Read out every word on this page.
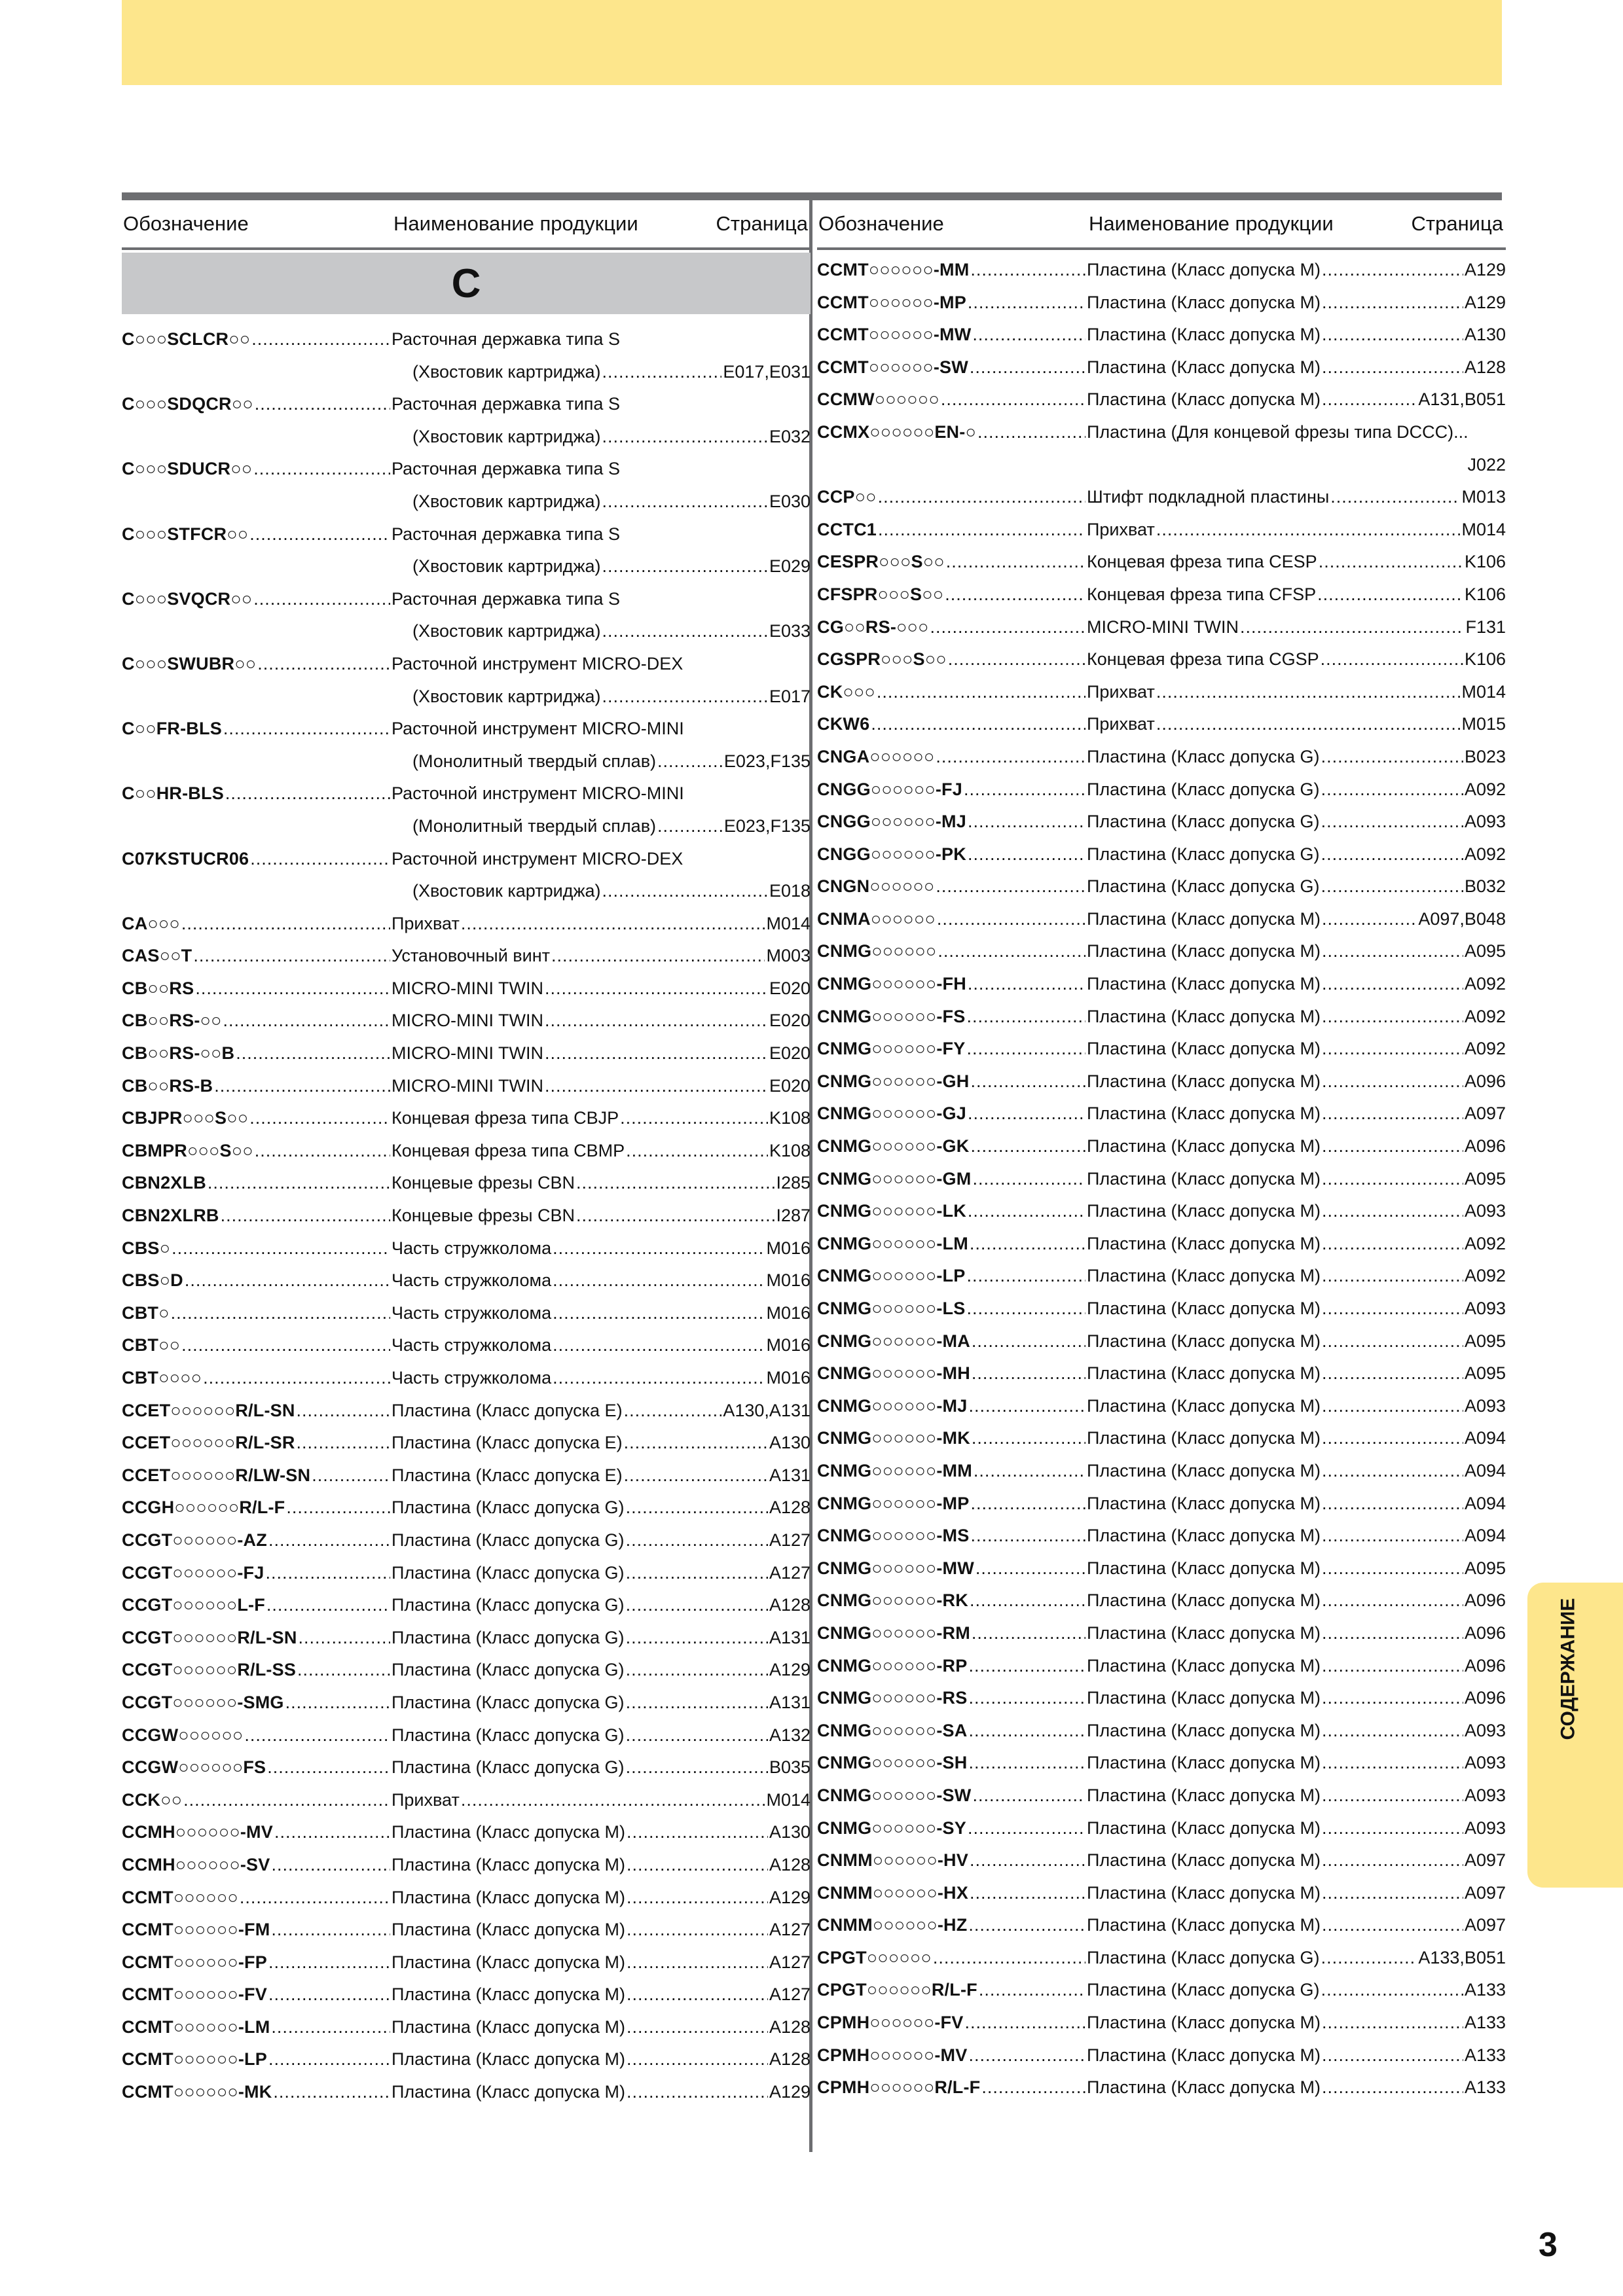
Обозначение	Наименование продукции	Страница
C
C○○○SCLCR○○ .....	Расточная державка типа S
(Хвостовик картриджа) .....	E017,E031
C○○○SDQCR○○ .....	Расточная державка типа S
(Хвостовик картриджа) .....	E032
C○○○SDUCR○○ .....	Расточная державка типа S
(Хвостовик картриджа) .....	E030
C○○○STFCR○○ .....	Расточная державка типа S
(Хвостовик картриджа) .....	E029
C○○○SVQCR○○ .....	Расточная державка типа S
(Хвостовик картриджа) .....	E033
C○○○SWUBR○○ .....	Расточной инструмент MICRO-DEX
(Хвостовик картриджа) .....	E017
C○○FR-BLS .....	Расточной инструмент MICRO-MINI
(Монолитный твердый сплав) .....	E023,F135
C○○HR-BLS .....	Расточной инструмент MICRO-MINI
(Монолитный твердый сплав) .....	E023,F135
C07KSTUCR06 .....	Расточной инструмент MICRO-DEX
(Хвостовик картриджа) .....	E018
CA○○○ .....	Прихват .....	M014
CAS○○T .....	Установочный винт .....	M003
CB○○RS .....	MICRO-MINI TWIN .....	E020
CB○○RS-○○ .....	MICRO-MINI TWIN .....	E020
CB○○RS-○○B .....	MICRO-MINI TWIN .....	E020
CB○○RS-B .....	MICRO-MINI TWIN .....	E020
CBJPR○○○S○○ .....	Концевая фреза типа CBJP .....	K108
CBMPR○○○S○○ .....	Концевая фреза типа CBMP .....	K108
CBN2XLB .....	Концевые фрезы CBN .....	I285
CBN2XLRB .....	Концевые фрезы CBN .....	I287
CBS○ .....	Часть стружколома .....	M016
CBS○D .....	Часть стружколома .....	M016
CBT○ .....	Часть стружколома .....	M016
CBT○○ .....	Часть стружколома .....	M016
CBT○○○○ .....	Часть стружколома .....	M016
CCET○○○○○○R/L-SN .....	Пластина (Класс допуска E) .....	A130,A131
CCET○○○○○○R/L-SR .....	Пластина (Класс допуска E) .....	A130
CCET○○○○○○R/LW-SN .....	Пластина (Класс допуска E) .....	A131
CCGH○○○○○○R/L-F .....	Пластина (Класс допуска G) .....	A128
CCGT○○○○○○-AZ .....	Пластина (Класс допуска G) .....	A127
CCGT○○○○○○-FJ .....	Пластина (Класс допуска G) .....	A127
CCGT○○○○○○L-F .....	Пластина (Класс допуска G) .....	A128
CCGT○○○○○○R/L-SN .....	Пластина (Класс допуска G) .....	A131
CCGT○○○○○○R/L-SS .....	Пластина (Класс допуска G) .....	A129
CCGT○○○○○○-SMG .....	Пластина (Класс допуска G) .....	A131
CCGW○○○○○○ .....	Пластина (Класс допуска G) .....	A132
CCGW○○○○○○FS .....	Пластина (Класс допуска G) .....	B035
CCK○○ .....	Прихват .....	M014
CCMH○○○○○○-MV .....	Пластина (Класс допуска M) .....	A130
CCMH○○○○○○-SV .....	Пластина (Класс допуска M) .....	A128
CCMT○○○○○○ .....	Пластина (Класс допуска M) .....	A129
CCMT○○○○○○-FM .....	Пластина (Класс допуска M) .....	A127
CCMT○○○○○○-FP .....	Пластина (Класс допуска M) .....	A127
CCMT○○○○○○-FV .....	Пластина (Класс допуска M) .....	A127
CCMT○○○○○○-LM .....	Пластина (Класс допуска M) .....	A128
CCMT○○○○○○-LP .....	Пластина (Класс допуска M) .....	A128
CCMT○○○○○○-MK .....	Пластина (Класс допуска M) .....	A129
Обозначение	Наименование продукции	Страница
CCMT○○○○○○-MM .....	Пластина (Класс допуска M) .....	A129
CCMT○○○○○○-MP .....	Пластина (Класс допуска M) .....	A129
CCMT○○○○○○-MW .....	Пластина (Класс допуска M) .....	A130
CCMT○○○○○○-SW .....	Пластина (Класс допуска M) .....	A128
CCMW○○○○○○ .....	Пластина (Класс допуска M) .....	A131,B051
CCMX○○○○○○EN-○ .....	Пластина (Для концевой фрезы типа DCCC)...
J022
CCP○○ .....	Штифт подкладной пластины .....	M013
CCTC1 .....	Прихват .....	M014
CESPR○○○S○○ .....	Концевая фреза типа CESP .....	K106
CFSPR○○○S○○ .....	Концевая фреза типа CFSP .....	K106
CG○○RS-○○○ .....	MICRO-MINI TWIN .....	F131
CGSPR○○○S○○ .....	Концевая фреза типа CGSP .....	K106
CK○○○ .....	Прихват .....	M014
CKW6 .....	Прихват .....	M015
CNGA○○○○○○ .....	Пластина (Класс допуска G) .....	B023
CNGG○○○○○○-FJ .....	Пластина (Класс допуска G) .....	A092
CNGG○○○○○○-MJ .....	Пластина (Класс допуска G) .....	A093
CNGG○○○○○○-PK .....	Пластина (Класс допуска G) .....	A092
CNGN○○○○○○ .....	Пластина (Класс допуска G) .....	B032
CNMA○○○○○○ .....	Пластина (Класс допуска M) .....	A097,B048
CNMG○○○○○○ .....	Пластина (Класс допуска M) .....	A095
CNMG○○○○○○-FH .....	Пластина (Класс допуска M) .....	A092
CNMG○○○○○○-FS .....	Пластина (Класс допуска M) .....	A092
CNMG○○○○○○-FY .....	Пластина (Класс допуска M) .....	A092
CNMG○○○○○○-GH .....	Пластина (Класс допуска M) .....	A096
CNMG○○○○○○-GJ .....	Пластина (Класс допуска M) .....	A097
CNMG○○○○○○-GK .....	Пластина (Класс допуска M) .....	A096
CNMG○○○○○○-GM .....	Пластина (Класс допуска M) .....	A095
CNMG○○○○○○-LK .....	Пластина (Класс допуска M) .....	A093
CNMG○○○○○○-LM .....	Пластина (Класс допуска M) .....	A092
CNMG○○○○○○-LP .....	Пластина (Класс допуска M) .....	A092
CNMG○○○○○○-LS .....	Пластина (Класс допуска M) .....	A093
CNMG○○○○○○-MA .....	Пластина (Класс допуска M) .....	A095
CNMG○○○○○○-MH .....	Пластина (Класс допуска M) .....	A095
CNMG○○○○○○-MJ .....	Пластина (Класс допуска M) .....	A093
CNMG○○○○○○-MK .....	Пластина (Класс допуска M) .....	A094
CNMG○○○○○○-MM .....	Пластина (Класс допуска M) .....	A094
CNMG○○○○○○-MP .....	Пластина (Класс допуска M) .....	A094
CNMG○○○○○○-MS .....	Пластина (Класс допуска M) .....	A094
CNMG○○○○○○-MW .....	Пластина (Класс допуска M) .....	A095
CNMG○○○○○○-RK .....	Пластина (Класс допуска M) .....	A096
CNMG○○○○○○-RM .....	Пластина (Класс допуска M) .....	A096
CNMG○○○○○○-RP .....	Пластина (Класс допуска M) .....	A096
CNMG○○○○○○-RS .....	Пластина (Класс допуска M) .....	A096
CNMG○○○○○○-SA .....	Пластина (Класс допуска M) .....	A093
CNMG○○○○○○-SH .....	Пластина (Класс допуска M) .....	A093
CNMG○○○○○○-SW .....	Пластина (Класс допуска M) .....	A093
CNMG○○○○○○-SY .....	Пластина (Класс допуска M) .....	A093
CNMM○○○○○○-HV .....	Пластина (Класс допуска M) .....	A097
CNMM○○○○○○-HX .....	Пластина (Класс допуска M) .....	A097
CNMM○○○○○○-HZ .....	Пластина (Класс допуска M) .....	A097
CPGT○○○○○○ .....	Пластина (Класс допуска G) .....	A133,B051
CPGT○○○○○○R/L-F .....	Пластина (Класс допуска G) .....	A133
CPMH○○○○○○-FV .....	Пластина (Класс допуска M) .....	A133
CPMH○○○○○○-MV .....	Пластина (Класс допуска M) .....	A133
CPMH○○○○○○R/L-F .....	Пластина (Класс допуска M) .....	A133
СОДЕРЖАНИЕ
3
